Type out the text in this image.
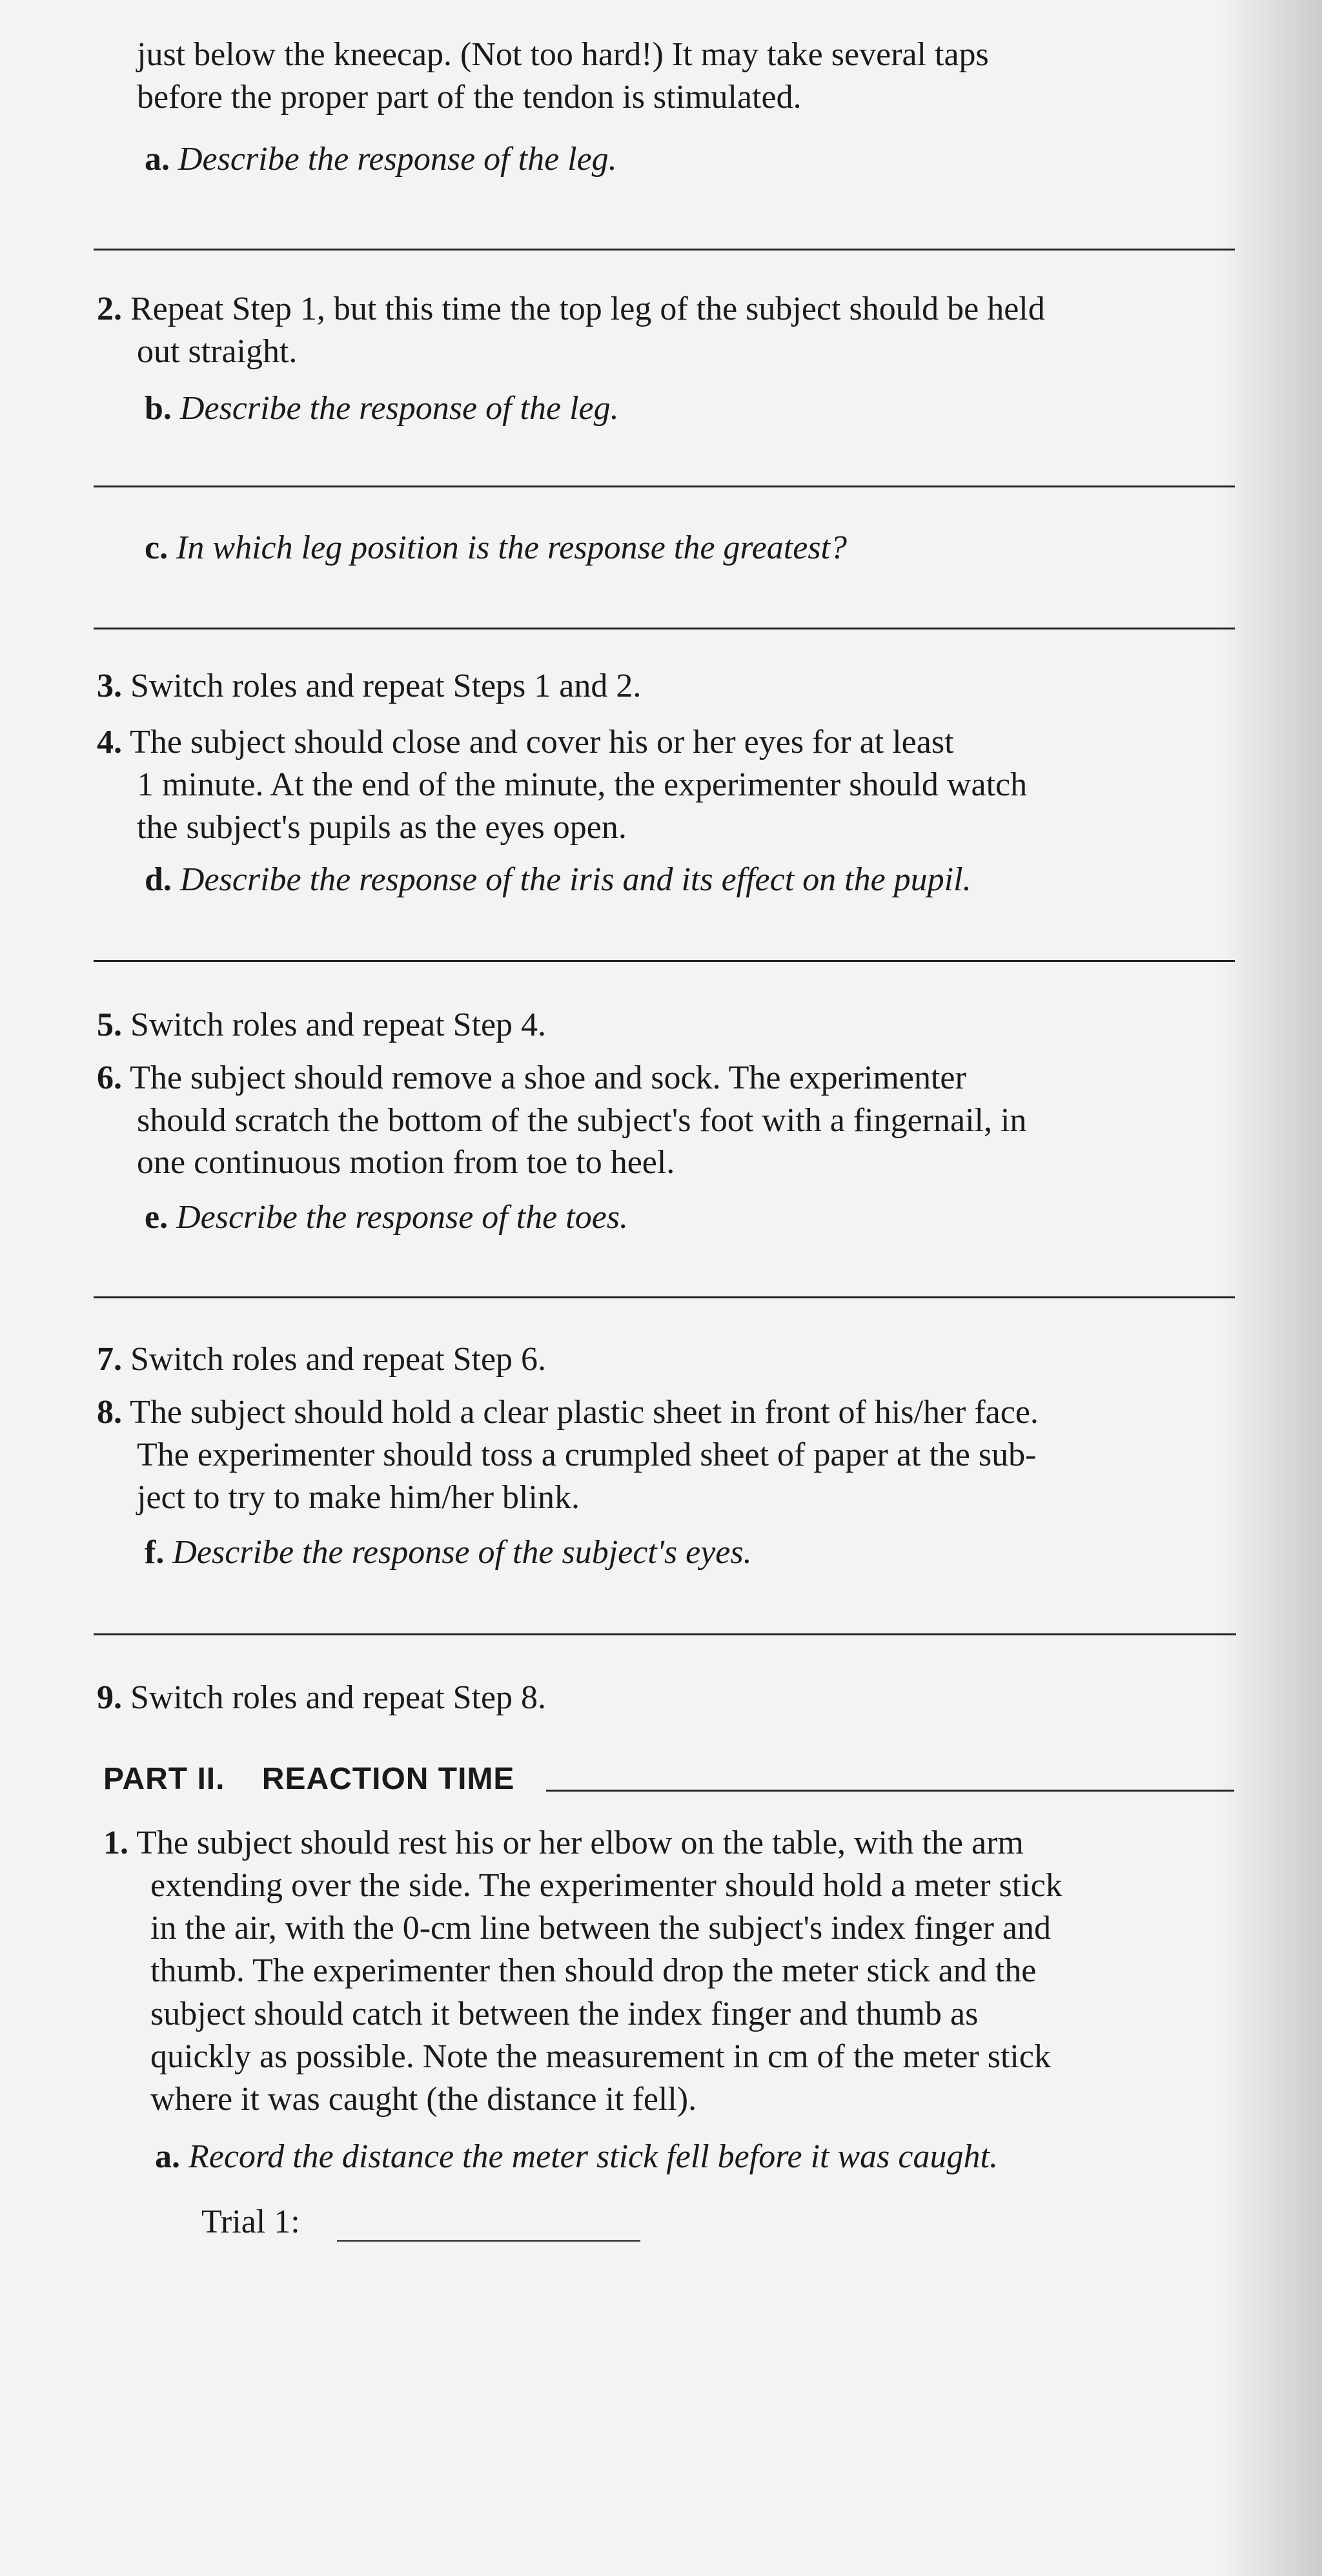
just below the kneecap. (Not too hard!) It may take several taps
before the proper part of the tendon is stimulated.
a. Describe the response of the leg.
2. Repeat Step 1, but this time the top leg of the subject should be held
out straight.
b. Describe the response of the leg.
c. In which leg position is the response the greatest?
3. Switch roles and repeat Steps 1 and 2.
4. The subject should close and cover his or her eyes for at least
1 minute. At the end of the minute, the experimenter should watch
the subject's pupils as the eyes open.
d. Describe the response of the iris and its effect on the pupil.
5. Switch roles and repeat Step 4.
6. The subject should remove a shoe and sock. The experimenter
should scratch the bottom of the subject's foot with a fingernail, in
one continuous motion from toe to heel.
e. Describe the response of the toes.
7. Switch roles and repeat Step 6.
8. The subject should hold a clear plastic sheet in front of his/her face.
The experimenter should toss a crumpled sheet of paper at the sub-
ject to try to make him/her blink.
f. Describe the response of the subject's eyes.
9. Switch roles and repeat Step 8.
PART II.    REACTION TIME
1. The subject should rest his or her elbow on the table, with the arm
extending over the side. The experimenter should hold a meter stick
in the air, with the 0-cm line between the subject's index finger and
thumb. The experimenter then should drop the meter stick and the
subject should catch it between the index finger and thumb as
quickly as possible. Note the measurement in cm of the meter stick
where it was caught (the distance it fell).
a. Record the distance the meter stick fell before it was caught.
Trial 1:
